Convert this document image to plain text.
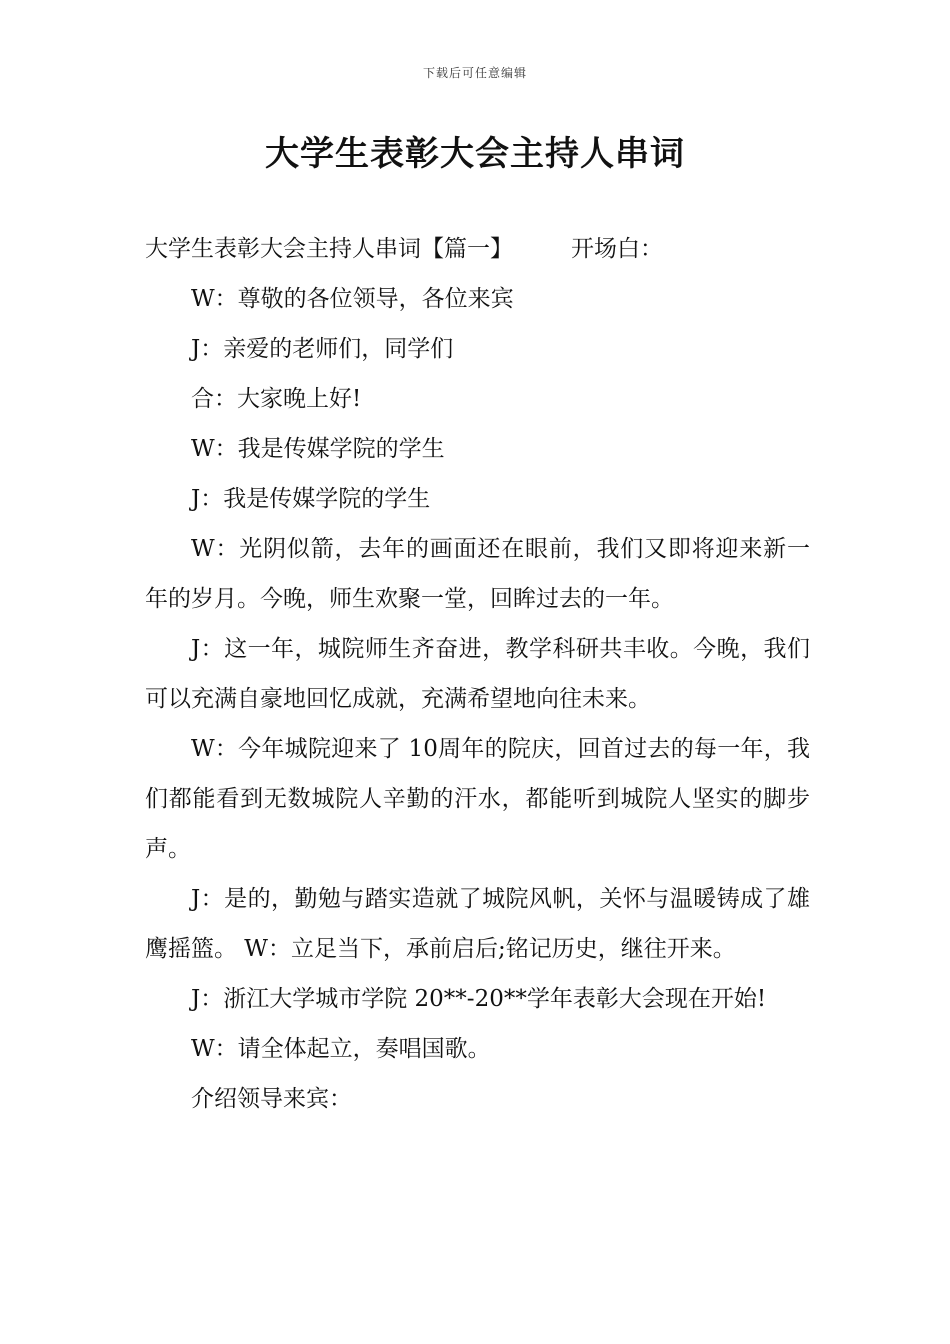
下载后可任意编辑
大学生表彰大会主持人串词

大学生表彰大会主持人串词【篇一】	开场白：

W：尊敬的各位领导，各位来宾

J：亲爱的老师们，同学们

合：大家晚上好!

W：我是传媒学院的学生

J：我是传媒学院的学生

W：光阴似箭，去年的画面还在眼前，我们又即将迎来新一年的岁月。今晚，师生欢聚一堂，回眸过去的一年。

J：这一年，城院师生齐奋进，教学科研共丰收。今晚，我们可以充满自豪地回忆成就，充满希望地向往未来。

W：今年城院迎来了 10周年的院庆，回首过去的每一年，我们都能看到无数城院人辛勤的汗水，都能听到城院人坚实的脚步声。

J：是的，勤勉与踏实造就了城院风帆，关怀与温暖铸成了雄鹰摇篮。 W：立足当下，承前启后;铭记历史，继往开来。

J：浙江大学城市学院 20**-20**学年表彰大会现在开始!

W：请全体起立，奏唱国歌。

介绍领导来宾：
